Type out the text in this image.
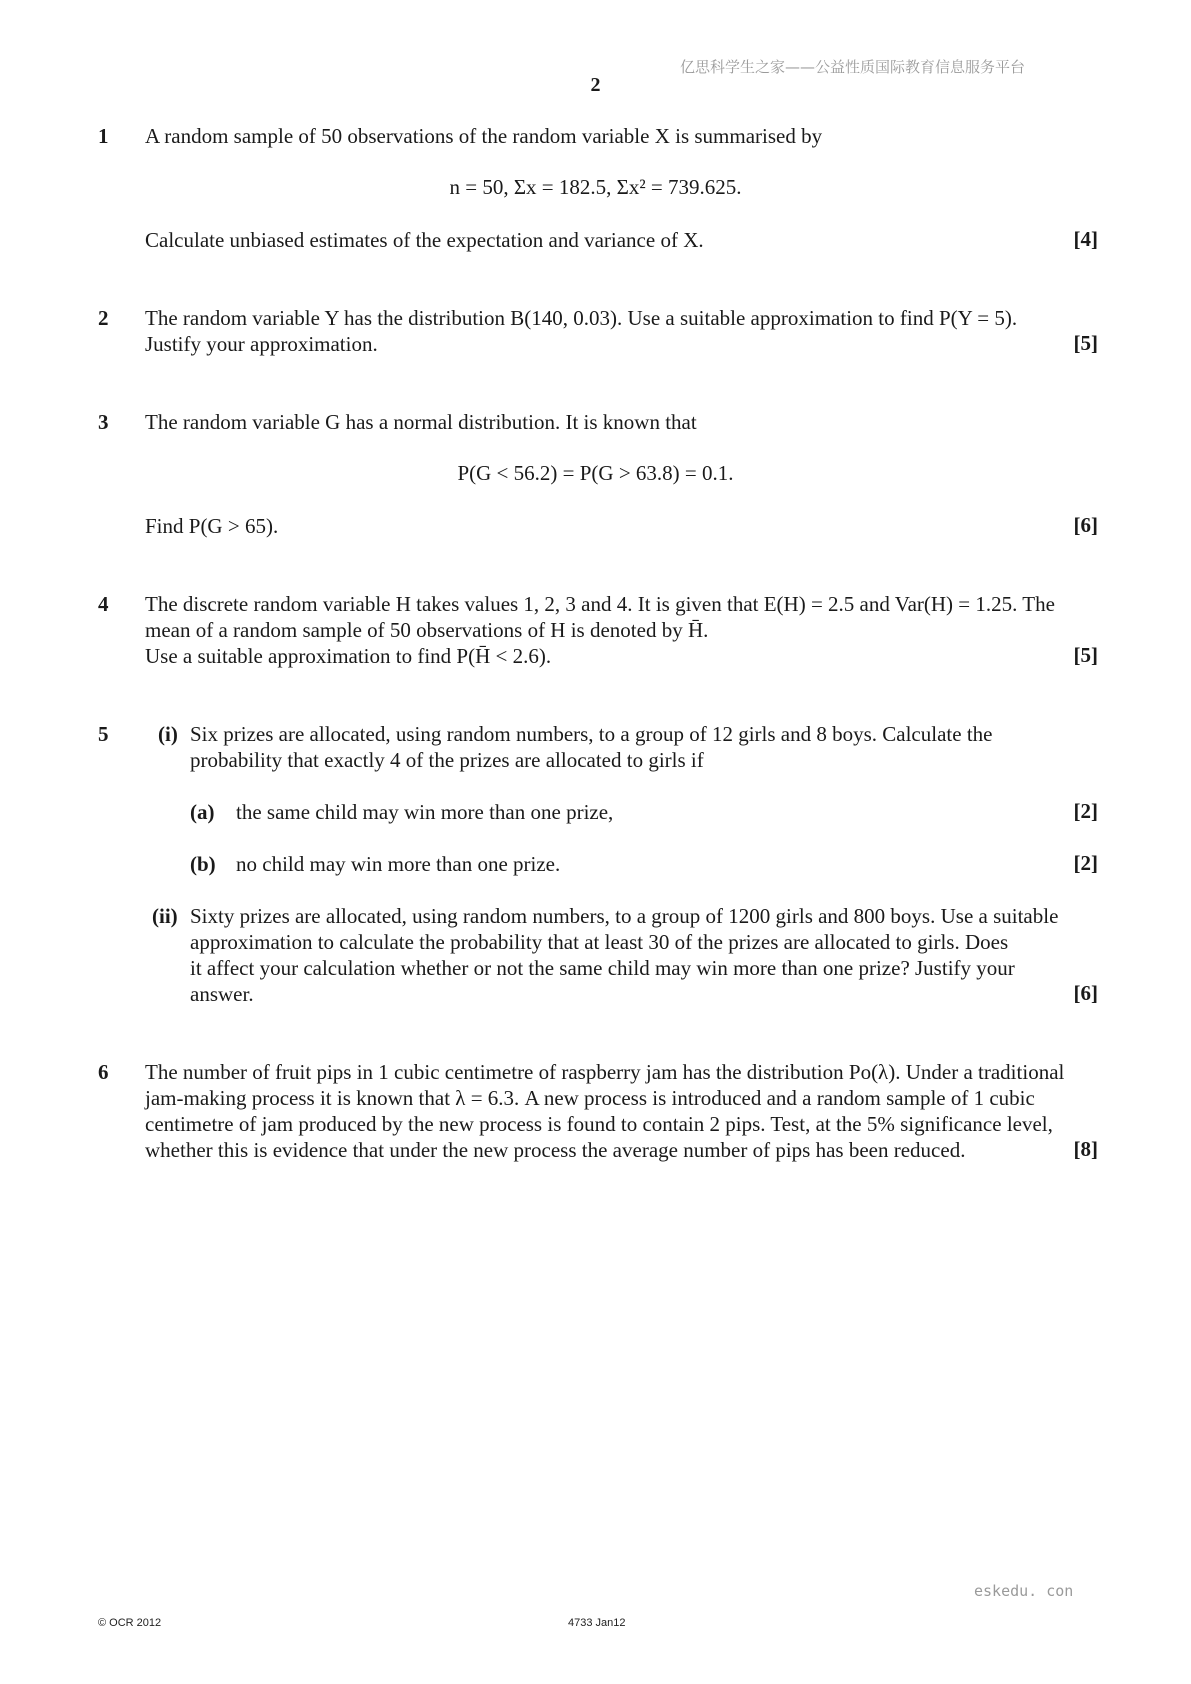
亿思科学生之家——公益性质国际教育信息服务平台
2
1 A random sample of 50 observations of the random variable X is summarised by
n = 50, Σx = 182.5, Σx² = 739.625.
Calculate unbiased estimates of the expectation and variance of X.	[4]
2 The random variable Y has the distribution B(140, 0.03). Use a suitable approximation to find P(Y = 5).
Justify your approximation.	[5]
3 The random variable G has a normal distribution. It is known that
P(G < 56.2) = P(G > 63.8) = 0.1.
Find P(G > 65).	[6]
4 The discrete random variable H takes values 1, 2, 3 and 4. It is given that E(H) = 2.5 and Var(H) = 1.25. The
mean of a random sample of 50 observations of H is denoted by H̄.
Use a suitable approximation to find P(H̄ < 2.6).	[5]
5 (i) Six prizes are allocated, using random numbers, to a group of 12 girls and 8 boys. Calculate the
probability that exactly 4 of the prizes are allocated to girls if
(a) the same child may win more than one prize,	[2]
(b) no child may win more than one prize.	[2]
(ii) Sixty prizes are allocated, using random numbers, to a group of 1200 girls and 800 boys. Use a suitable
approximation to calculate the probability that at least 30 of the prizes are allocated to girls. Does
it affect your calculation whether or not the same child may win more than one prize? Justify your
answer.	[6]
6 The number of fruit pips in 1 cubic centimetre of raspberry jam has the distribution Po(λ). Under a traditional
jam-making process it is known that λ = 6.3. A new process is introduced and a random sample of 1 cubic
centimetre of jam produced by the new process is found to contain 2 pips. Test, at the 5% significance level,
whether this is evidence that under the new process the average number of pips has been reduced.	[8]
eskedu. con
© OCR 2012	4733 Jan12
